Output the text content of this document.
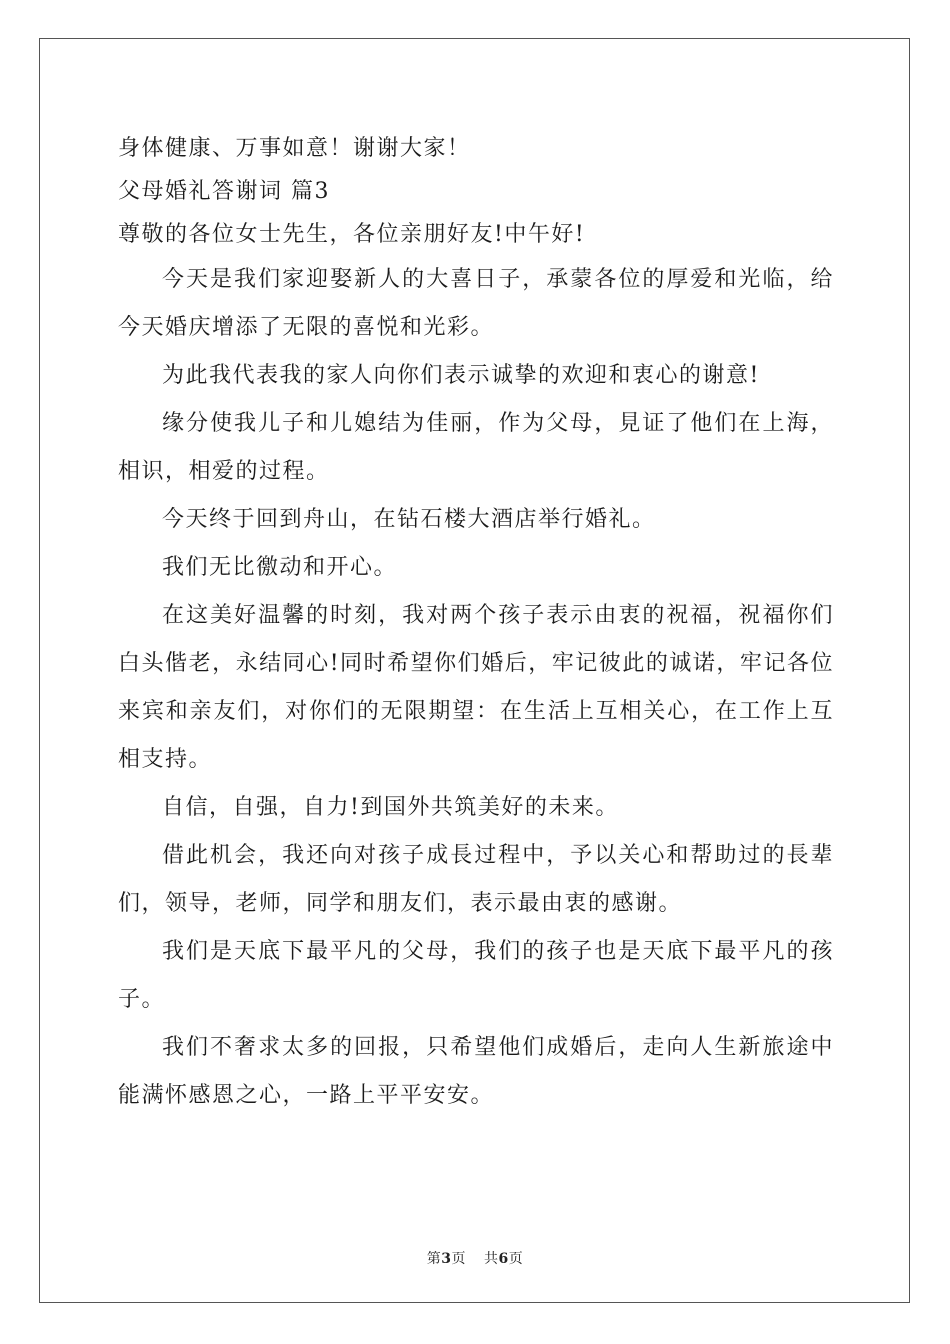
身体健康、万事如意！谢谢大家！
父母婚礼答谢词 篇3
尊敬的各位女士先生，各位亲朋好友!中午好!

今天是我们家迎娶新人的大喜日子，承蒙各位的厚爱和光临，给今天婚庆增添了无限的喜悦和光彩。

为此我代表我的家人向你们表示诚挚的欢迎和衷心的谢意!

缘分使我儿子和儿媳结为佳丽，作为父母，見证了他们在上海，相识，相爱的过程。

今天终于回到舟山，在钻石楼大酒店举行婚礼。

我们无比徼动和开心。

在这美好温馨的时刻，我对两个孩子表示由衷的祝福，祝福你们白头偕老，永结同心!同时希望你们婚后，牢记彼此的诚诺，牢记各位来宾和亲友们，对你们的无限期望：在生活上互相关心，在工作上互相支持。

自信，自强，自力!到国外共筑美好的未来。

借此机会，我还向对孩子成長过程中，予以关心和帮助过的長辈们，领导，老师，同学和朋友们，表示最由衷的感谢。

我们是天底下最平凡的父母，我们的孩子也是天底下最平凡的孩子。

我们不奢求太多的回报，只希望他们成婚后，走向人生新旅途中能满怀感恩之心，一路上平平安安。

第3页 共6页
